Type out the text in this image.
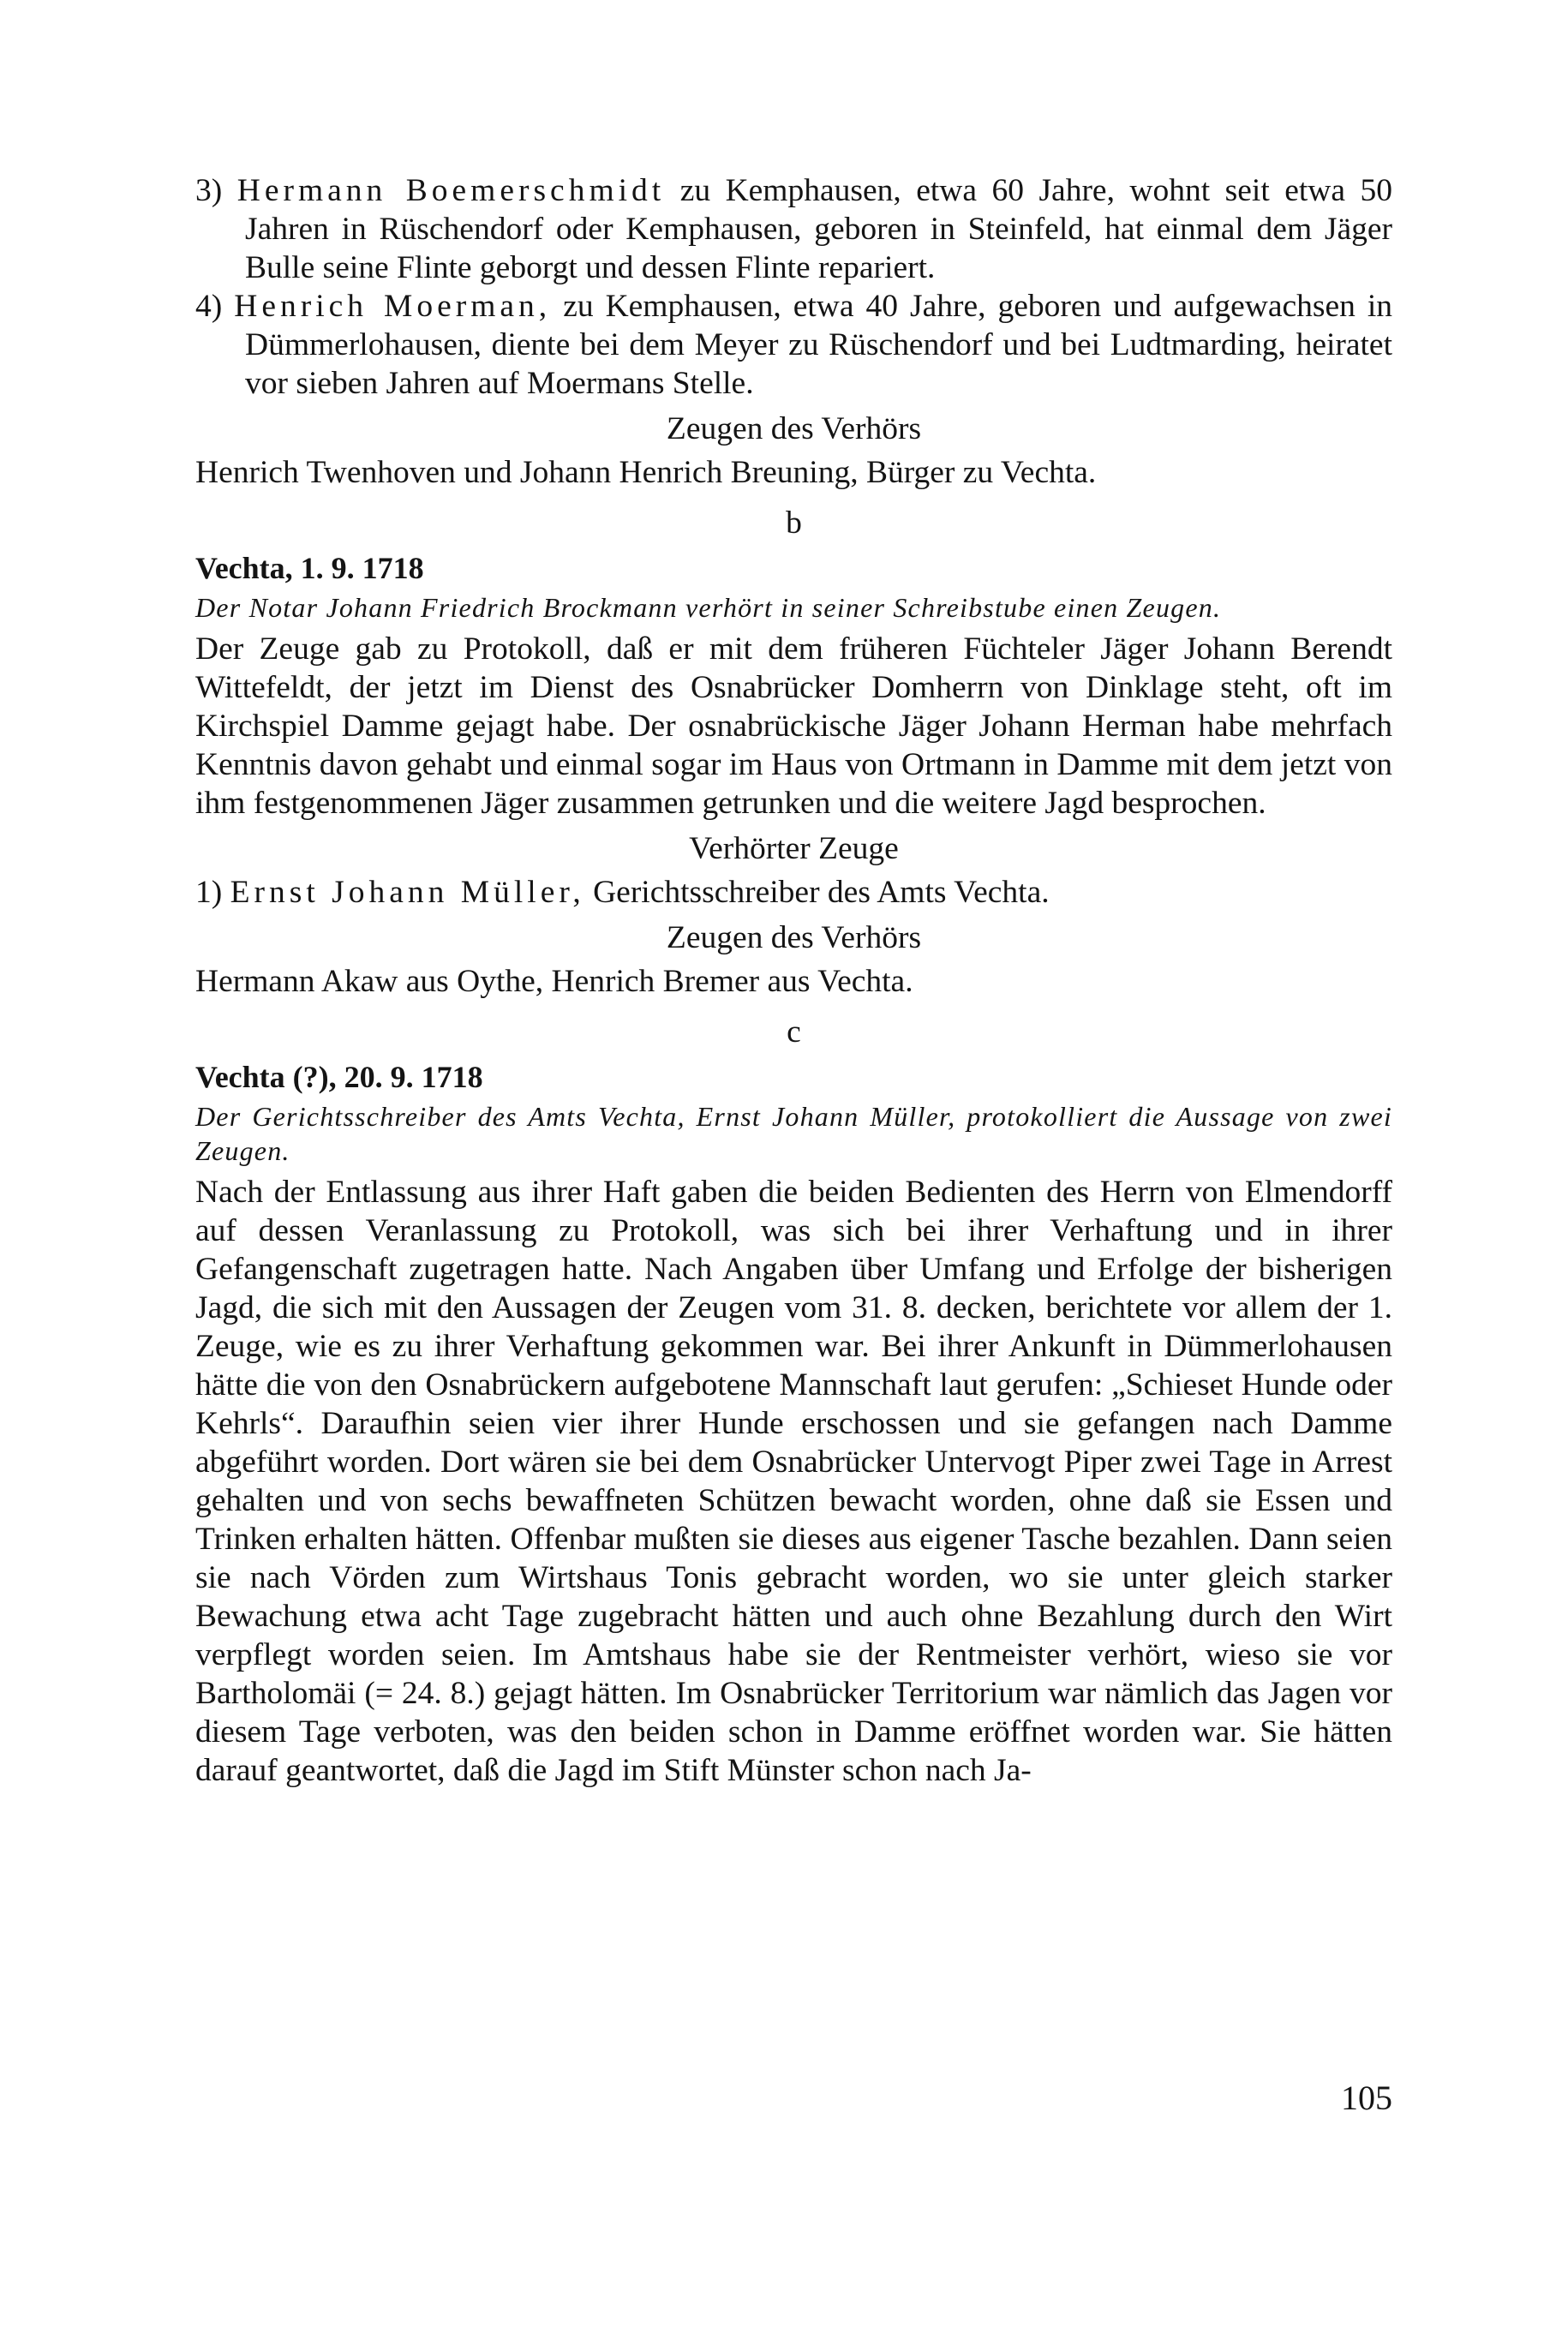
3) Hermann Boemerschmidt zu Kemphausen, etwa 60 Jahre, wohnt seit etwa 50 Jahren in Rüschendorf oder Kemphausen, geboren in Steinfeld, hat einmal dem Jäger Bulle seine Flinte geborgt und dessen Flinte repariert.

4) Henrich Moerman, zu Kemphausen, etwa 40 Jahre, geboren und aufgewachsen in Dümmerlohausen, diente bei dem Meyer zu Rüschendorf und bei Ludtmarding, heiratet vor sieben Jahren auf Moermans Stelle.

Zeugen des Verhörs

Henrich Twenhoven und Johann Henrich Breuning, Bürger zu Vechta.

b

Vechta, 1. 9. 1718

Der Notar Johann Friedrich Brockmann verhört in seiner Schreibstube einen Zeugen.

Der Zeuge gab zu Protokoll, daß er mit dem früheren Füchteler Jäger Johann Berendt Wittefeldt, der jetzt im Dienst des Osnabrücker Domherrn von Dinklage steht, oft im Kirchspiel Damme gejagt habe. Der osnabrückische Jäger Johann Herman habe mehrfach Kenntnis davon gehabt und einmal sogar im Haus von Ortmann in Damme mit dem jetzt von ihm festgenommenen Jäger zusammen getrunken und die weitere Jagd besprochen.

Verhörter Zeuge

1) Ernst Johann Müller, Gerichtsschreiber des Amts Vechta.

Zeugen des Verhörs

Hermann Akaw aus Oythe, Henrich Bremer aus Vechta.

c

Vechta (?), 20. 9. 1718

Der Gerichtsschreiber des Amts Vechta, Ernst Johann Müller, protokolliert die Aussage von zwei Zeugen.

Nach der Entlassung aus ihrer Haft gaben die beiden Bedienten des Herrn von Elmendorff auf dessen Veranlassung zu Protokoll, was sich bei ihrer Verhaftung und in ihrer Gefangenschaft zugetragen hatte. Nach Angaben über Umfang und Erfolge der bisherigen Jagd, die sich mit den Aussagen der Zeugen vom 31. 8. decken, berichtete vor allem der 1. Zeuge, wie es zu ihrer Verhaftung gekommen war. Bei ihrer Ankunft in Dümmerlohausen hätte die von den Osnabrückern aufgebotene Mannschaft laut gerufen: „Schieset Hunde oder Kehrls“. Daraufhin seien vier ihrer Hunde erschossen und sie gefangen nach Damme abgeführt worden. Dort wären sie bei dem Osnabrücker Untervogt Piper zwei Tage in Arrest gehalten und von sechs bewaffneten Schützen bewacht worden, ohne daß sie Essen und Trinken erhalten hätten. Offenbar mußten sie dieses aus eigener Tasche bezahlen. Dann seien sie nach Vörden zum Wirtshaus Tonis gebracht worden, wo sie unter gleich starker Bewachung etwa acht Tage zugebracht hätten und auch ohne Bezahlung durch den Wirt verpflegt worden seien. Im Amtshaus habe sie der Rentmeister verhört, wieso sie vor Bartholomäi (= 24. 8.) gejagt hätten. Im Osnabrücker Territorium war nämlich das Jagen vor diesem Tage verboten, was den beiden schon in Damme eröffnet worden war. Sie hätten darauf geantwortet, daß die Jagd im Stift Münster schon nach Ja-

105
